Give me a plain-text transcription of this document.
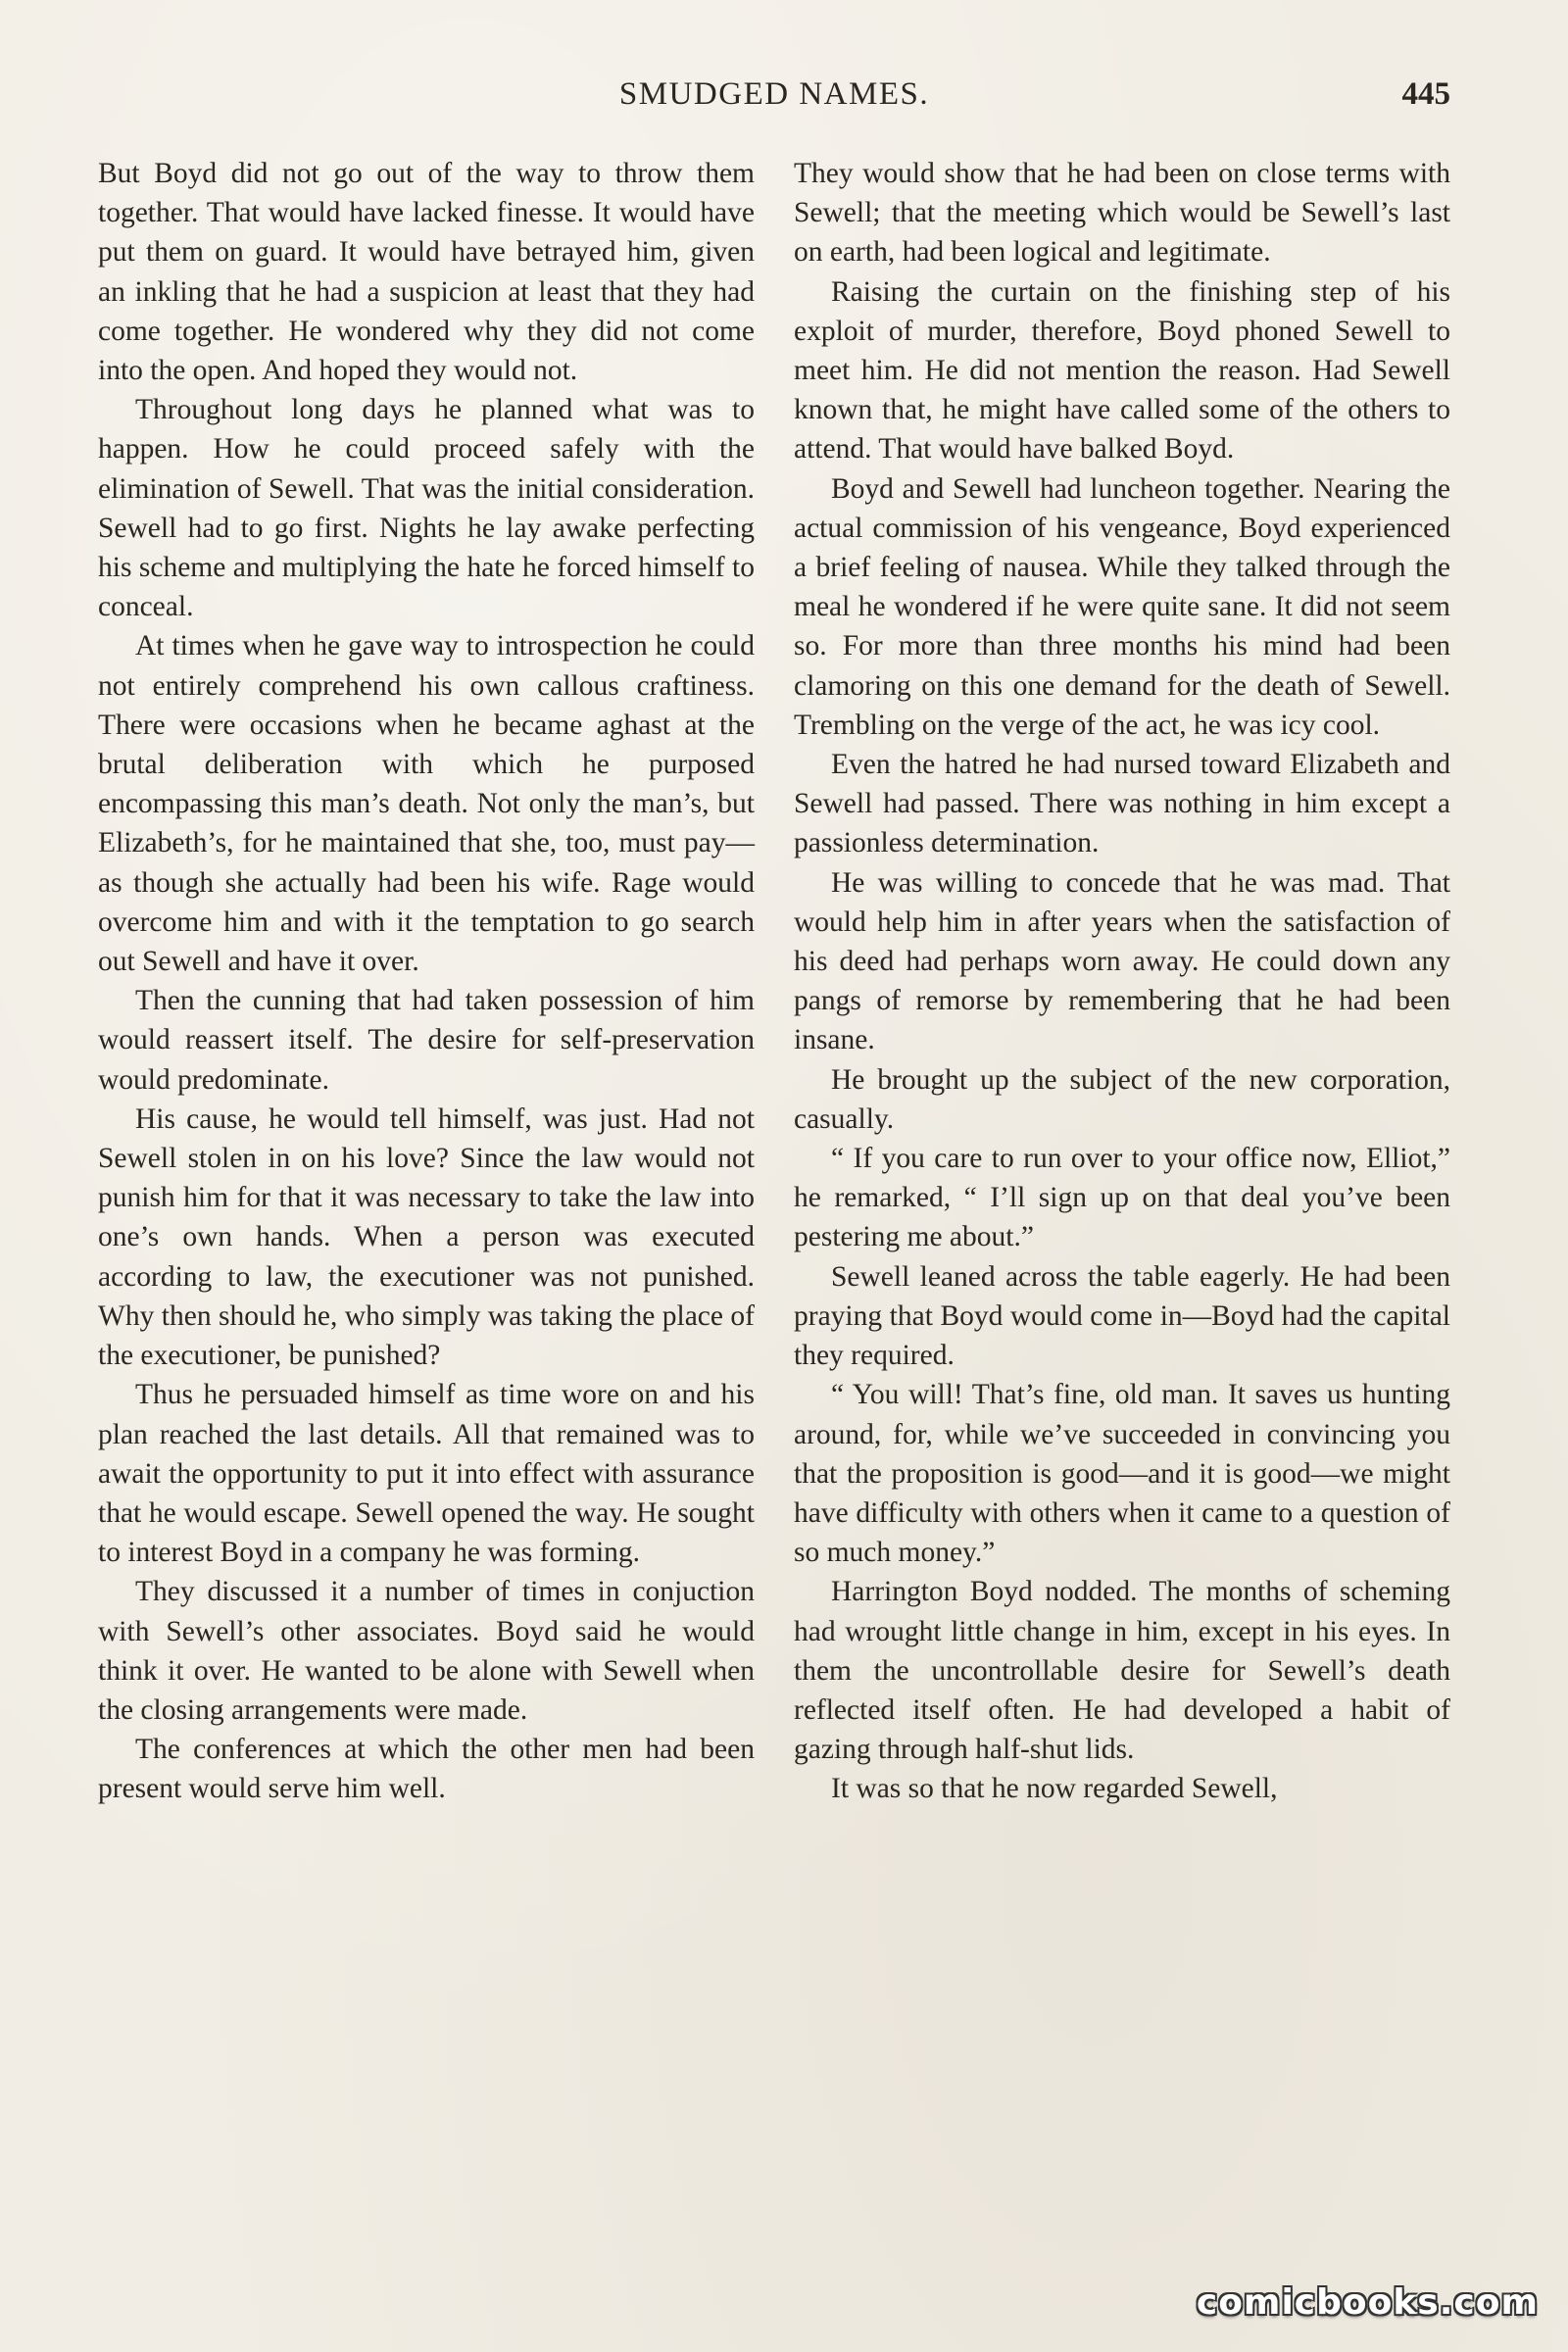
SMUDGED NAMES.	445

But Boyd did not go out of the way to throw them together. That would have lacked finesse. It would have put them on guard. It would have betrayed him, given an inkling that he had a suspicion at least that they had come together. He wondered why they did not come into the open. And hoped they would not.

Throughout long days he planned what was to happen. How he could proceed safely with the elimination of Sewell. That was the initial consideration. Sewell had to go first. Nights he lay awake perfecting his scheme and multiplying the hate he forced himself to conceal.

At times when he gave way to introspection he could not entirely comprehend his own callous craftiness. There were occasions when he became aghast at the brutal deliberation with which he purposed encompassing this man’s death. Not only the man’s, but Elizabeth’s, for he maintained that she, too, must pay—as though she actually had been his wife. Rage would overcome him and with it the temptation to go search out Sewell and have it over.

Then the cunning that had taken possession of him would reassert itself. The desire for self-preservation would predominate.

His cause, he would tell himself, was just. Had not Sewell stolen in on his love? Since the law would not punish him for that it was necessary to take the law into one’s own hands. When a person was executed according to law, the executioner was not punished. Why then should he, who simply was taking the place of the executioner, be punished?

Thus he persuaded himself as time wore on and his plan reached the last details. All that remained was to await the opportunity to put it into effect with assurance that he would escape. Sewell opened the way. He sought to interest Boyd in a company he was forming.

They discussed it a number of times in conjuction with Sewell’s other associates. Boyd said he would think it over. He wanted to be alone with Sewell when the closing arrangements were made.

The conferences at which the other men had been present would serve him well.

They would show that he had been on close terms with Sewell; that the meeting which would be Sewell’s last on earth, had been logical and legitimate.

Raising the curtain on the finishing step of his exploit of murder, therefore, Boyd phoned Sewell to meet him. He did not mention the reason. Had Sewell known that, he might have called some of the others to attend. That would have balked Boyd.

Boyd and Sewell had luncheon together. Nearing the actual commission of his vengeance, Boyd experienced a brief feeling of nausea. While they talked through the meal he wondered if he were quite sane. It did not seem so. For more than three months his mind had been clamoring on this one demand for the death of Sewell. Trembling on the verge of the act, he was icy cool.

Even the hatred he had nursed toward Elizabeth and Sewell had passed. There was nothing in him except a passionless determination.

He was willing to concede that he was mad. That would help him in after years when the satisfaction of his deed had perhaps worn away. He could down any pangs of remorse by remembering that he had been insane.

He brought up the subject of the new corporation, casually.

“ If you care to run over to your office now, Elliot,” he remarked, “ I’ll sign up on that deal you’ve been pestering me about.”

Sewell leaned across the table eagerly. He had been praying that Boyd would come in—Boyd had the capital they required.

“ You will! That’s fine, old man. It saves us hunting around, for, while we’ve succeeded in convincing you that the proposition is good—and it is good—we might have difficulty with others when it came to a question of so much money.”

Harrington Boyd nodded. The months of scheming had wrought little change in him, except in his eyes. In them the uncontrollable desire for Sewell’s death reflected itself often. He had developed a habit of gazing through half-shut lids.

It was so that he now regarded Sewell,

comicbooks.com
